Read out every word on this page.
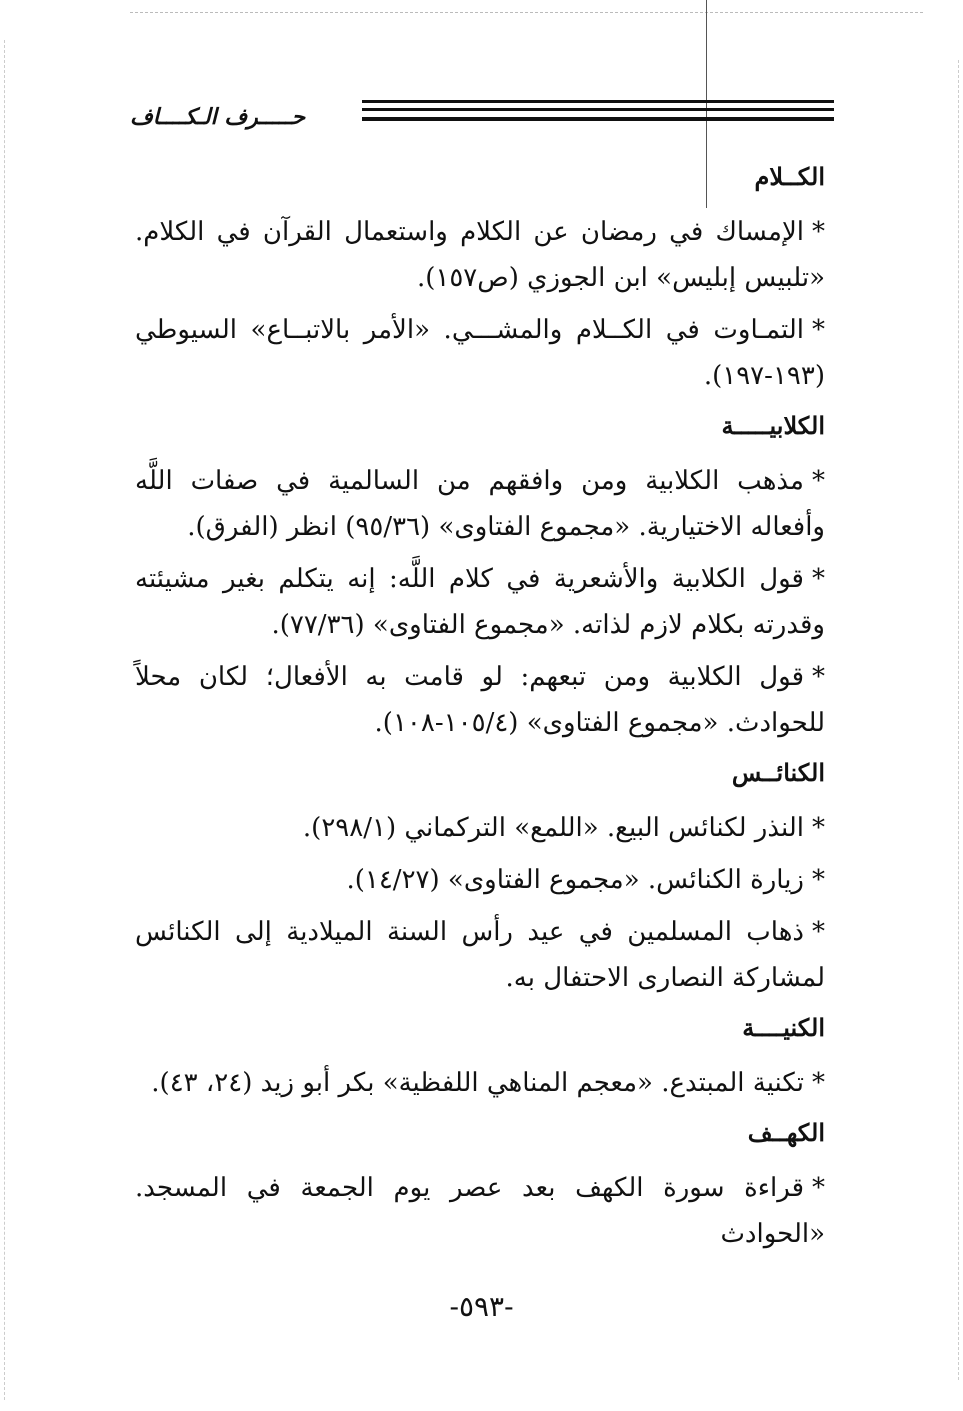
حـــــرف الـكــــاف
الكــلام

*الإمساك في رمضان عن الكلام واستعمال القرآن في الكلام. «تلبيس إبليس» ابن الجوزي (ص١٥٧).

*التمـاوت في الكــلام والمشـــي. «الأمر بالاتبــاع» السيوطي (١٩٣-١٩٧).

الكلابيـــــة

*مذهب الكلابية ومن وافقهم من السالمية في صفات اللَّه وأفعاله الاختيارية. «مجموع الفتاوى» (٩٥/٣٦) انظر (الفرق).

*قول الكلابية والأشعرية في كلام اللَّه: إنه يتكلم بغير مشيئته وقدرته بكلام لازم لذاته. «مجموع الفتاوى» (٧٧/٣٦).

*قول الكلابية ومن تبعهم: لو قامت به الأفعال؛ لكان محلاً للحوادث. «مجموع الفتاوى» (١٠٥/٤-١٠٨).

الكنائــس

*النذر لكنائس البيع. «اللمع» التركماني (٢٩٨/١).

*زيارة الكنائس. «مجموع الفتاوى» (١٤/٢٧).

*ذهاب المسلمين في عيد رأس السنة الميلادية إلى الكنائس لمشاركة النصارى الاحتفال به.

الكنيــــة

*تكنية المبتدع. «معجم المناهي اللفظية» بكر أبو زيد (٢٤، ٤٣).

الكهــف

*قراءة سورة الكهف بعد عصر يوم الجمعة في المسجد. «الحوادث

-٥٩٣-
